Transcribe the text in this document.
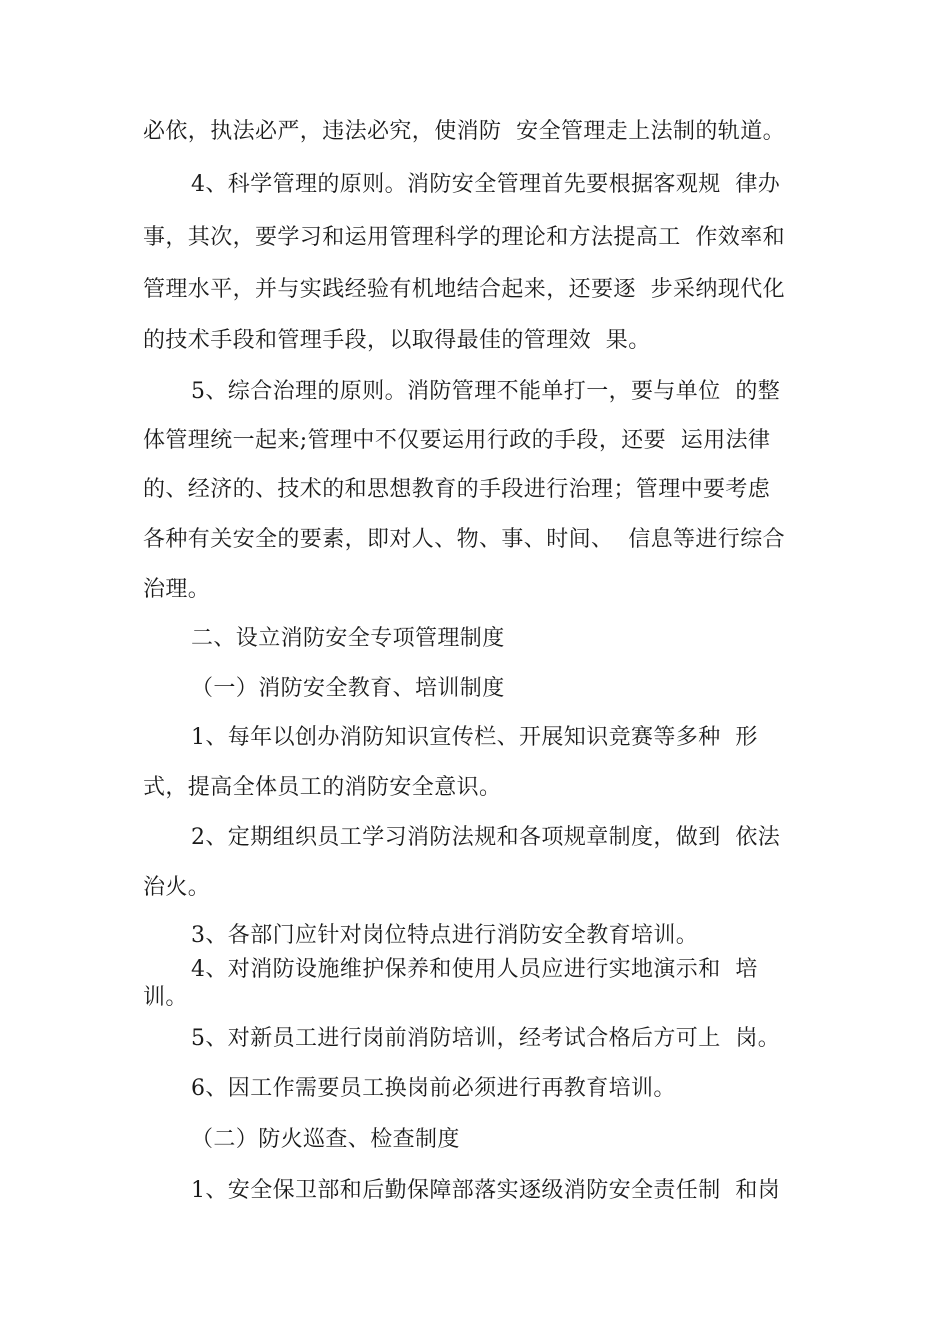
必依，执法必严，违法必究，使消防  安全管理走上法制的轨道。
4、科学管理的原则。消防安全管理首先要根据客观规  律办
事，其次，要学习和运用管理科学的理论和方法提高工  作效率和
管理水平，并与实践经验有机地结合起来，还要逐  步采纳现代化
的技术手段和管理手段，以取得最佳的管理效  果。
5、综合治理的原则。消防管理不能单打一，要与单位  的整
体管理统一起来;管理中不仅要运用行政的手段，还要  运用法律
的、经济的、技术的和思想教育的手段进行治理；管理中要考虑
各种有关安全的要素，即对人、物、事、时间、  信息等进行综合
治理。
二、设立消防安全专项管理制度
（一）消防安全教育、培训制度
1、每年以创办消防知识宣传栏、开展知识竞赛等多种  形
式，提高全体员工的消防安全意识。
2、定期组织员工学习消防法规和各项规章制度，做到  依法
治火。
3、各部门应针对岗位特点进行消防安全教育培训。
4、对消防设施维护保养和使用人员应进行实地演示和  培
训。
5、对新员工进行岗前消防培训，经考试合格后方可上  岗。
6、因工作需要员工换岗前必须进行再教育培训。
（二）防火巡查、检查制度
1、安全保卫部和后勤保障部落实逐级消防安全责任制  和岗
